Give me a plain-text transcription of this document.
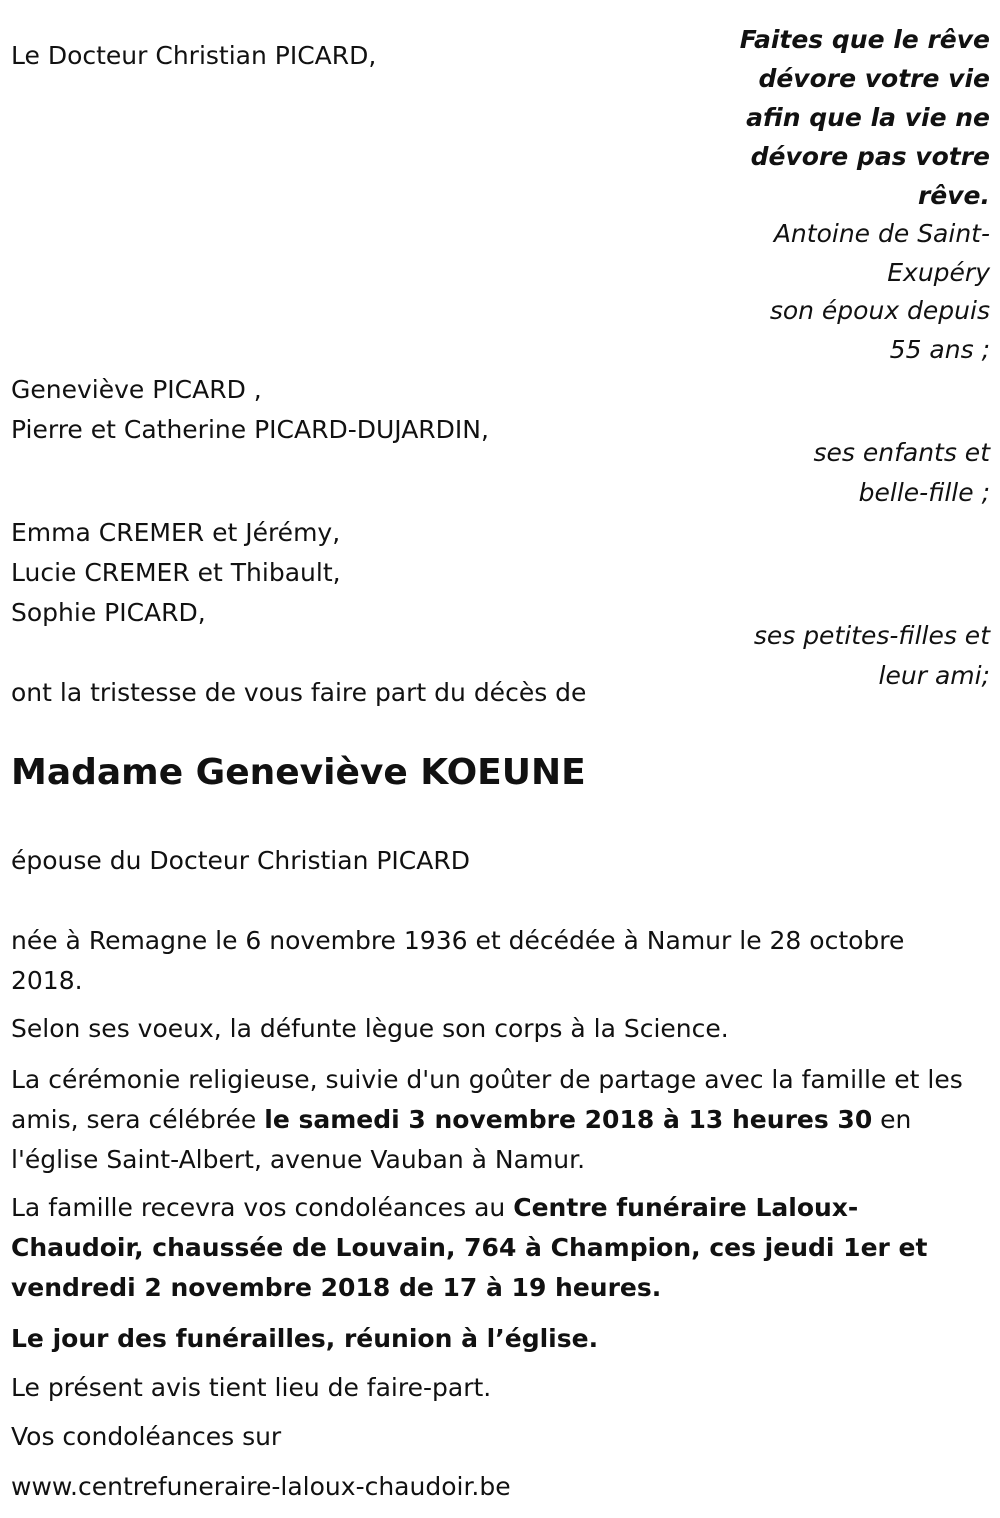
Le Docteur Christian PICARD,
Geneviève PICARD ,
Pierre et Catherine PICARD-DUJARDIN,
Emma CREMER et Jérémy,
Lucie CREMER et Thibault,
Sophie PICARD,
ont la tristesse de vous faire part du décès de
Faites que le rêve
dévore votre vie
afin que la vie ne
dévore pas votre
rêve.
Antoine de Saint-
Exupéry
son époux depuis
55 ans ;
ses enfants et
belle-fille ;
ses petites-filles et
leur ami;
Madame Geneviève KOEUNE
épouse du Docteur Christian PICARD
née à Remagne le 6 novembre 1936 et décédée à Namur le 28 octobre 2018.
Selon ses voeux, la défunte lègue son corps à la Science.
La cérémonie religieuse, suivie d'un goûter de partage avec la famille et les amis, sera célébrée le samedi 3 novembre 2018 à 13 heures 30 en l'église Saint-Albert, avenue Vauban à Namur.
La famille recevra vos condoléances au Centre funéraire Laloux-Chaudoir, chaussée de Louvain, 764 à Champion, ces jeudi 1er et vendredi 2 novembre 2018 de 17 à 19 heures.
Le jour des funérailles, réunion à l’église.
Le présent avis tient lieu de faire-part.
Vos condoléances sur
www.centrefuneraire-laloux-chaudoir.be
